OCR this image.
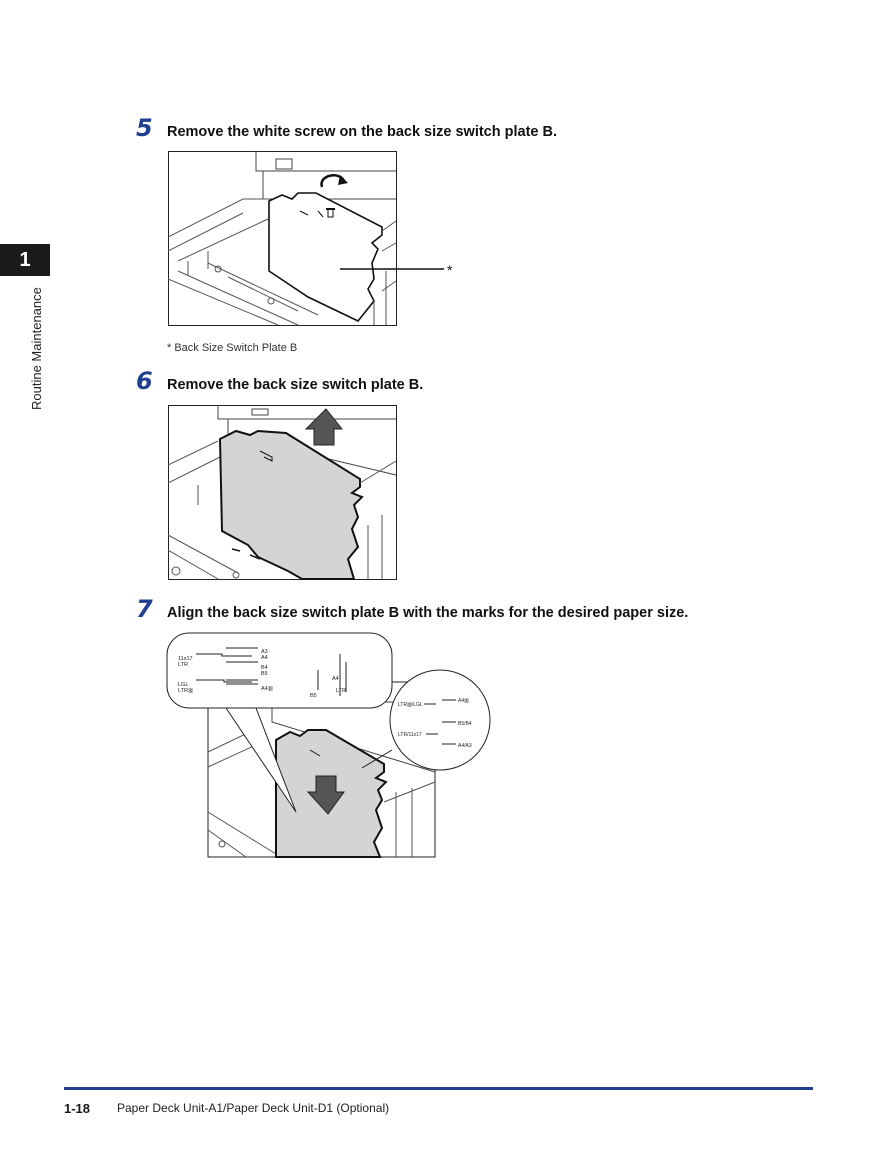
1
Routine Maintenance
5 Remove the white screw on the back size switch plate B.
*
* Back Size Switch Plate B
6 Remove the back size switch plate B.
7 Align the back size switch plate B with the marks for the desired paper size.
11x17
LTR
A3
A4
B4
B5
LGL
LTR▥	A4▥
B5
A4
LTR
LTR▥/LGL
A4▥
B5/B4
LTR/11x17
A4/A3
1-18 Paper Deck Unit-A1/Paper Deck Unit-D1 (Optional)
